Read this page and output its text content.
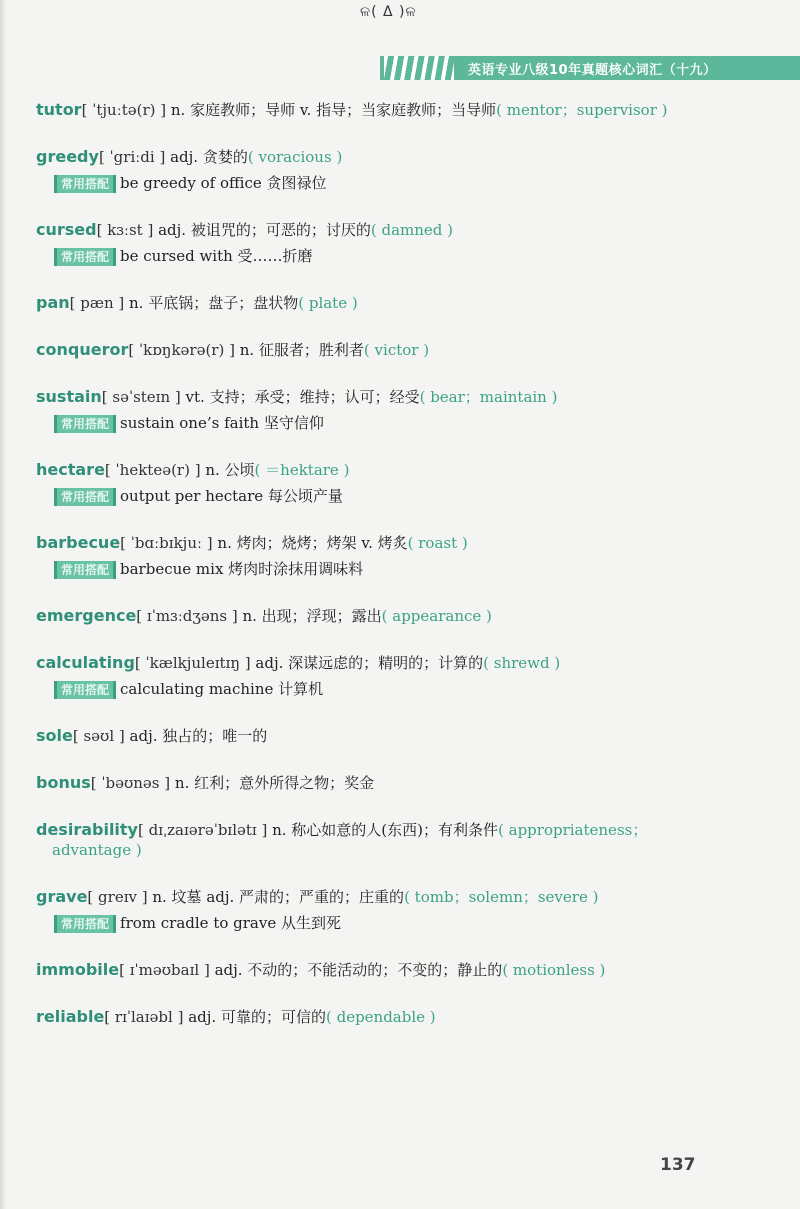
ଳ( Δ )ଳ
英语专业八级10年真题核心词汇（十九）
tutor[ ˈtjuːtə(r) ] n. 家庭教师；导师 v. 指导；当家庭教师；当导师( mentor；supervisor )
greedy[ ˈgriːdi ] adj. 贪婪的( voracious )
常用搭配 be greedy of office 贪图禄位
cursed[ kɜːst ] adj. 被诅咒的；可恶的；讨厌的( damned )
常用搭配 be cursed with 受……折磨
pan[ pæn ] n. 平底锅；盘子；盘状物( plate )
conqueror[ ˈkɒŋkərə(r) ] n. 征服者；胜利者( victor )
sustain[ səˈsteɪn ] vt. 支持；承受；维持；认可；经受( bear；maintain )
常用搭配 sustain one’s faith 坚守信仰
hectare[ ˈhekteə(r) ] n. 公顷( ＝hektare )
常用搭配 output per hectare 每公顷产量
barbecue[ ˈbɑːbɪkjuː ] n. 烤肉；烧烤；烤架 v. 烤炙( roast )
常用搭配 barbecue mix 烤肉时涂抹用调味料
emergence[ ɪˈmɜːdʒəns ] n. 出现；浮现；露出( appearance )
calculating[ ˈkælkjuleɪtɪŋ ] adj. 深谋远虑的；精明的；计算的( shrewd )
常用搭配 calculating machine 计算机
sole[ səʊl ] adj. 独占的；唯一的
bonus[ ˈbəʊnəs ] n. 红利；意外所得之物；奖金
desirability[ dɪˌzaɪərəˈbɪlətɪ ] n. 称心如意的人(东西)；有利条件( appropriateness；
advantage )
grave[ greɪv ] n. 坟墓 adj. 严肃的；严重的；庄重的( tomb；solemn；severe )
常用搭配 from cradle to grave 从生到死
immobile[ ɪˈməʊbaɪl ] adj. 不动的；不能活动的；不变的；静止的( motionless )
reliable[ rɪˈlaɪəbl ] adj. 可靠的；可信的( dependable )
137
